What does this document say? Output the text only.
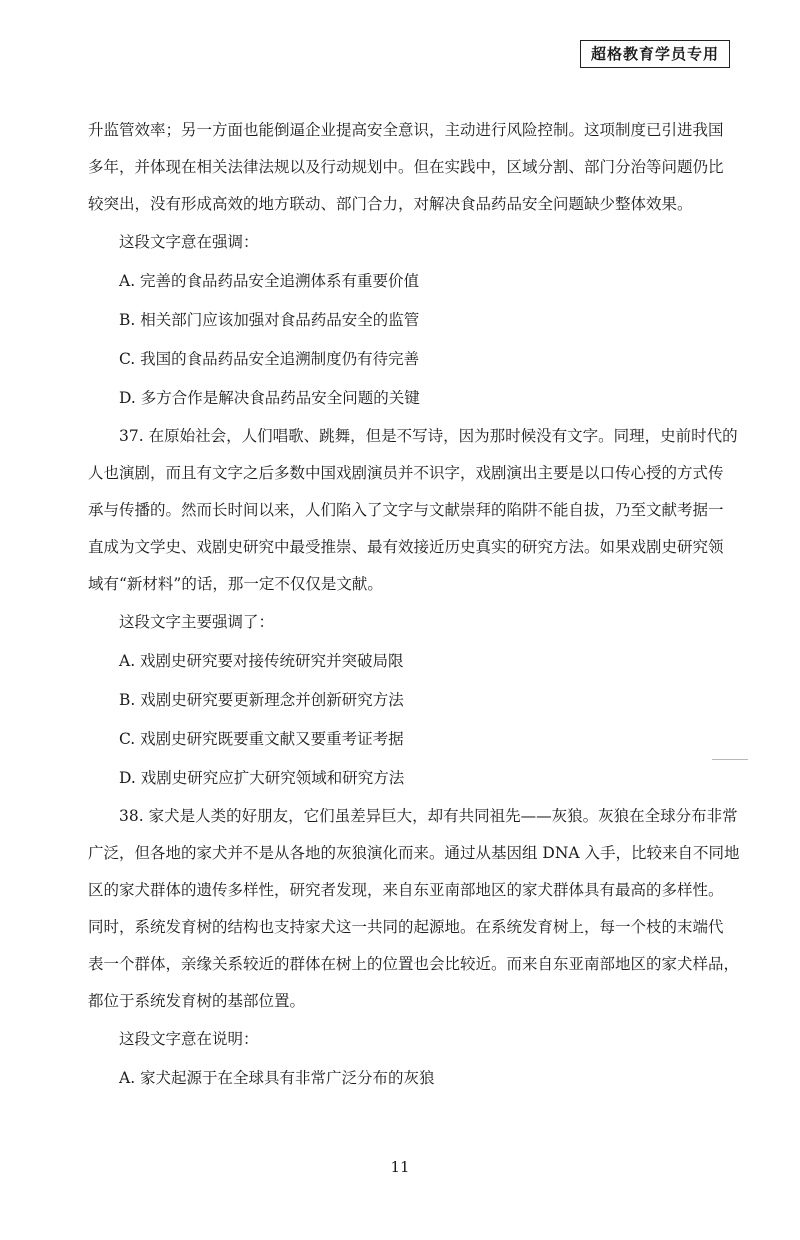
超格教育学员专用

升监管效率；另一方面也能倒逼企业提高安全意识，主动进行风险控制。这项制度已引进我国

多年，并体现在相关法律法规以及行动规划中。但在实践中，区域分割、部门分治等问题仍比

较突出，没有形成高效的地方联动、部门合力，对解决食品药品安全问题缺少整体效果。

这段文字意在强调：

A. 完善的食品药品安全追溯体系有重要价值

B. 相关部门应该加强对食品药品安全的监管

C. 我国的食品药品安全追溯制度仍有待完善

D. 多方合作是解决食品药品安全问题的关键

37. 在原始社会，人们唱歌、跳舞，但是不写诗，因为那时候没有文字。同理，史前时代的

人也演剧，而且有文字之后多数中国戏剧演员并不识字，戏剧演出主要是以口传心授的方式传

承与传播的。然而长时间以来，人们陷入了文字与文献崇拜的陷阱不能自拔，乃至文献考据一

直成为文学史、戏剧史研究中最受推崇、最有效接近历史真实的研究方法。如果戏剧史研究领

域有“新材料”的话，那一定不仅仅是文献。

这段文字主要强调了：

A. 戏剧史研究要对接传统研究并突破局限

B. 戏剧史研究要更新理念并创新研究方法

C. 戏剧史研究既要重文献又要重考证考据

D. 戏剧史研究应扩大研究领域和研究方法

38. 家犬是人类的好朋友，它们虽差异巨大，却有共同祖先——灰狼。灰狼在全球分布非常

广泛，但各地的家犬并不是从各地的灰狼演化而来。通过从基因组 DNA 入手，比较来自不同地

区的家犬群体的遗传多样性，研究者发现，来自东亚南部地区的家犬群体具有最高的多样性。

同时，系统发育树的结构也支持家犬这一共同的起源地。在系统发育树上，每一个枝的末端代

表一个群体，亲缘关系较近的群体在树上的位置也会比较近。而来自东亚南部地区的家犬样品，

都位于系统发育树的基部位置。

这段文字意在说明：

A. 家犬起源于在全球具有非常广泛分布的灰狼

11
